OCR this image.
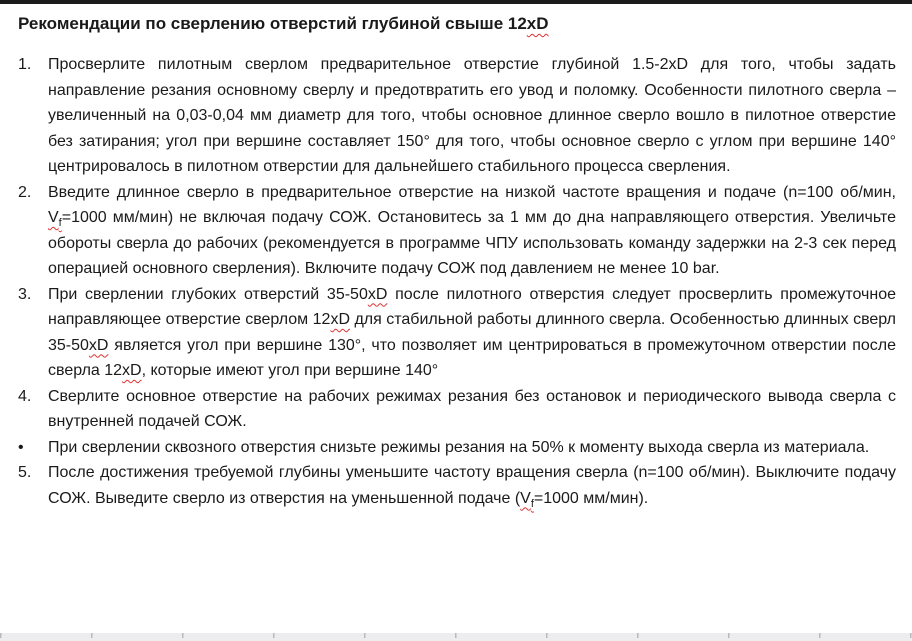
Рекомендации по сверлению отверстий глубиной свыше 12xD
1.	Просверлите пилотным сверлом предварительное отверстие глубиной 1.5-2xD для того, чтобы задать направление резания основному сверлу и предотвратить его увод и поломку. Особенности пилотного сверла – увеличенный на 0,03-0,04 мм диаметр для того, чтобы основное длинное сверло вошло в пилотное отверстие без затирания; угол при вершине составляет 150° для того, чтобы основное сверло с углом при вершине 140° центрировалось в пилотном отверстии для дальнейшего стабильного процесса сверления.
2.	Введите длинное сверло в предварительное отверстие на низкой частоте вращения и подаче (n=100 об/мин, $V_f=1000$ мм/мин) не включая подачу СОЖ. Остановитесь за 1 мм до дна направляющего отверстия. Увеличьте обороты сверла до рабочих (рекомендуется в программе ЧПУ использовать команду задержки на 2-3 сек перед операцией основного сверления). Включите подачу СОЖ под давлением не менее 10 bar.
3.	При сверлении глубоких отверстий 35-50xD после пилотного отверстия следует просверлить промежуточное направляющее отверстие сверлом 12xD для стабильной работы длинного сверла. Особенностью длинных сверл 35-50xD является угол при вершине 130°, что позволяет им центрироваться в промежуточном отверстии после сверла 12xD, которые имеют угол при вершине 140°
4.	Сверлите основное отверстие на рабочих режимах резания без остановок и периодического вывода сверла с внутренней подачей СОЖ.
•	При сверлении сквозного отверстия снизьте режимы резания на 50% к моменту выхода сверла из материала.
5.	После достижения требуемой глубины уменьшите частоту вращения сверла (n=100 об/мин). Выключите подачу СОЖ. Выведите сверло из отверстия на уменьшенной подаче ($V_f=1000$ мм/мин).
